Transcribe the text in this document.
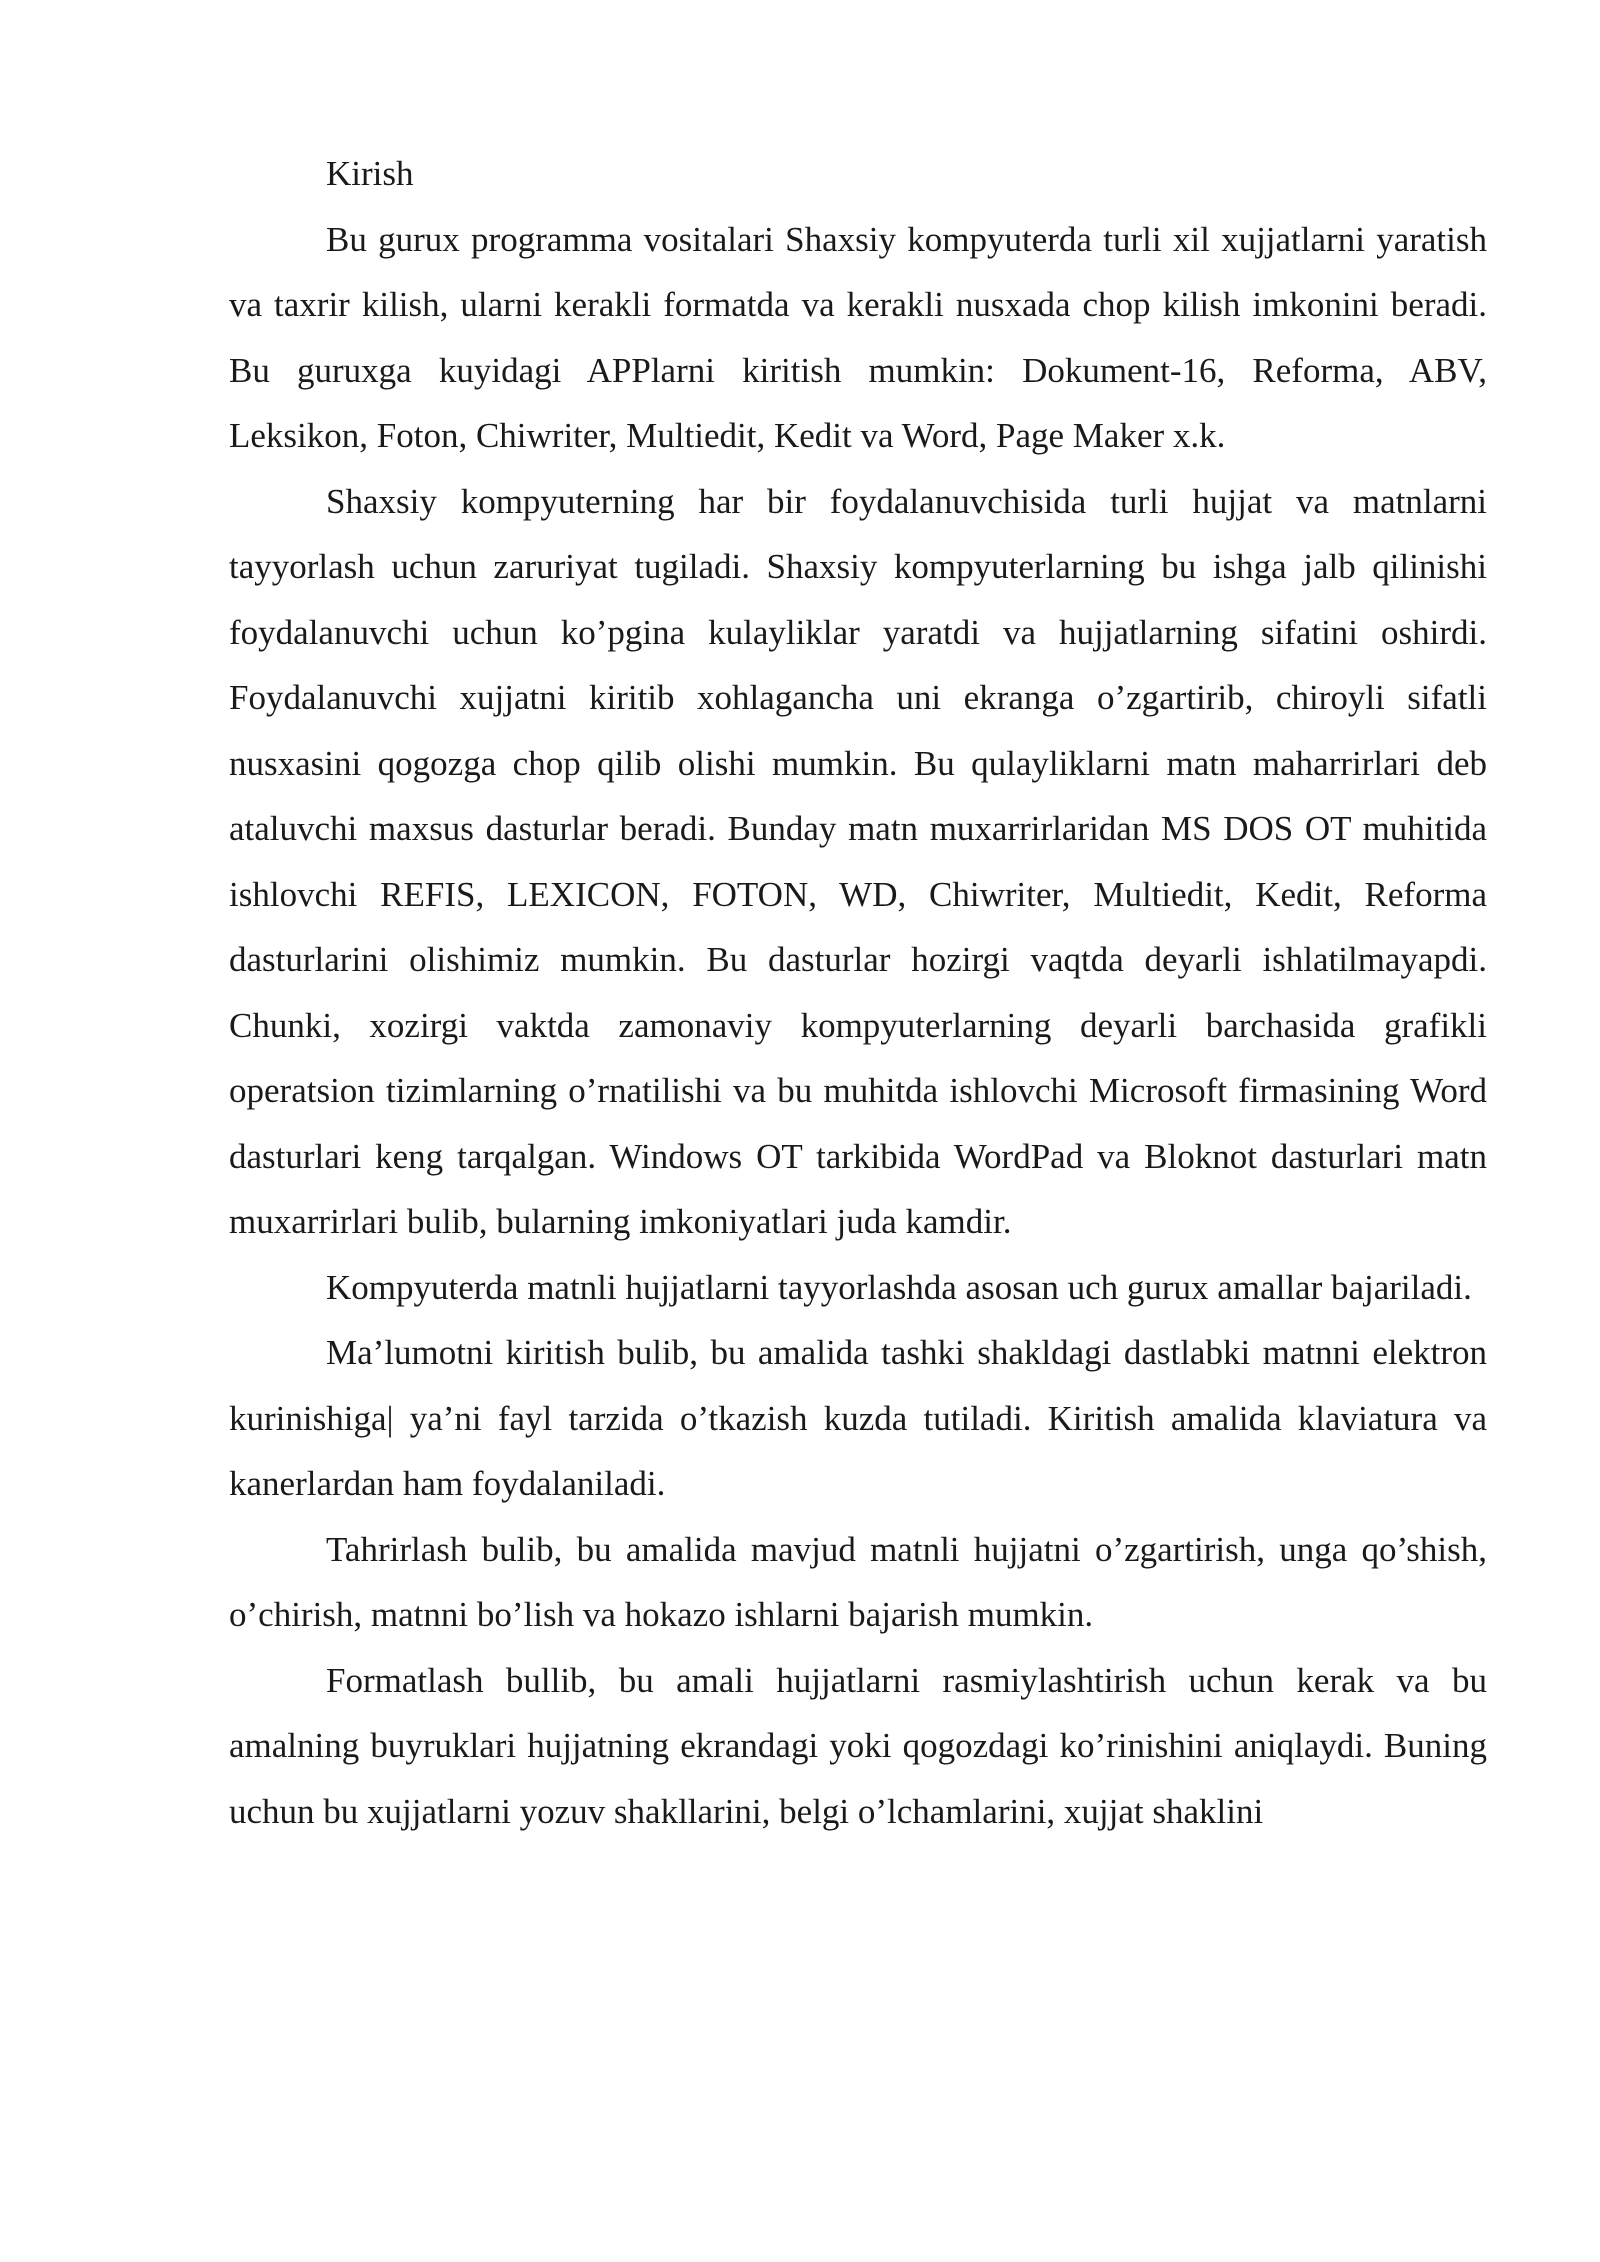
Kirish

Bu gurux programma vositalari Shaxsiy kompyuterda turli xil xujjatlarni yaratish va taxrir kilish, ularni kerakli formatda va kerakli nusxada chop kilish imkonini beradi. Bu guruxga kuyidagi APPlarni kiritish mumkin: Dokument-16, Reforma, ABV, Leksikon, Foton, Chiwriter, Multiedit, Kedit va Word, Page Maker x.k.

Shaxsiy kompyuterning har bir foydalanuvchisida turli hujjat va matnlarni tayyorlash uchun zaruriyat tugiladi. Shaxsiy kompyuterlarning bu ishga jalb qilinishi foydalanuvchi uchun ko’pgina kulayliklar yaratdi va hujjatlarning sifatini oshirdi. Foydalanuvchi xujjatni kiritib xohlagancha uni ekranga o’zgartirib, chiroyli sifatli nusxasini qogozga chop qilib olishi mumkin. Bu qulayliklarni matn maharrirlari deb ataluvchi maxsus dasturlar beradi. Bunday matn muxarrirlaridan MS DOS OT muhitida ishlovchi REFIS, LEXICON, FOTON, WD, Chiwriter, Multiedit, Kedit, Reforma dasturlarini olishimiz mumkin. Bu dasturlar hozirgi vaqtda deyarli ishlatilmayapdi. Chunki, xozirgi vaktda zamonaviy kompyuterlarning deyarli barchasida grafikli operatsion tizimlarning o’rnatilishi va bu muhitda ishlovchi Microsoft firmasining Word dasturlari keng tarqalgan. Windows OT tarkibida WordPad va Bloknot dasturlari matn muxarrirlari bulib, bularning imkoniyatlari juda kamdir.

Kompyuterda matnli hujjatlarni tayyorlashda asosan uch gurux amallar bajariladi.

Ma’lumotni kiritish bulib, bu amalida tashki shakldagi dastlabki matnni elektron kurinishiga| ya’ni fayl tarzida o’tkazish kuzda tutiladi. Kiritish amalida klaviatura va kanerlardan ham foydalaniladi.

Tahrirlash bulib, bu amalida mavjud matnli hujjatni o’zgartirish, unga qo’shish, o’chirish, matnni bo’lish va hokazo ishlarni bajarish mumkin.

Formatlash bullib, bu amali hujjatlarni rasmiylashtirish uchun kerak va bu amalning buyruklari hujjatning ekrandagi yoki qogozdagi ko’rinishini aniqlaydi. Buning uchun bu xujjatlarni yozuv shakllarini, belgi o’lchamlarini, xujjat shaklini
